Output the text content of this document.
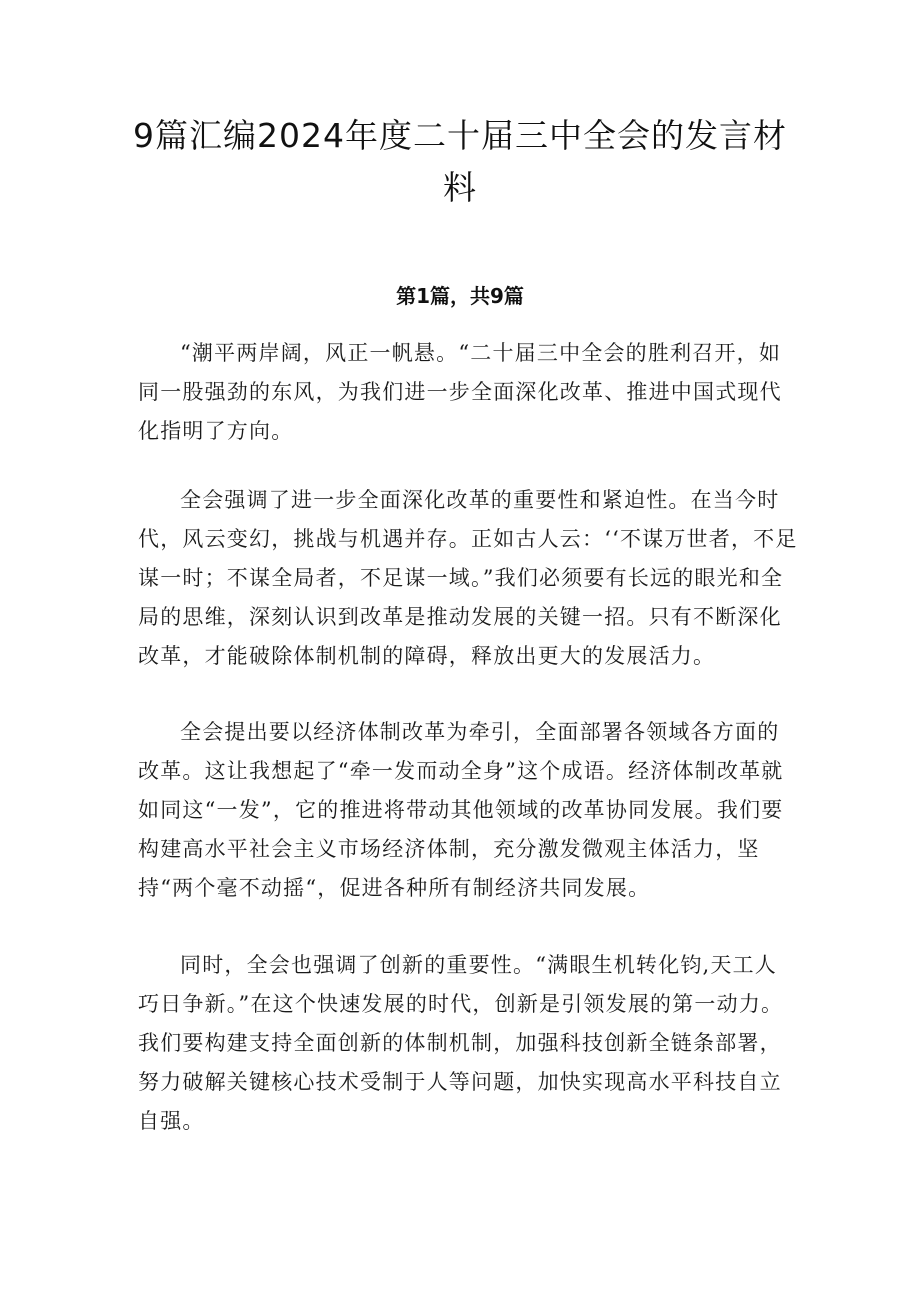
9篇汇编2024年度二十届三中全会的发言材料
第1篇，共9篇

“潮平两岸阔，风正一帆悬。“二十届三中全会的胜利召开，如同一股强劲的东风，为我们进一步全面深化改革、推进中国式现代化指明了方向。

全会强调了进一步全面深化改革的重要性和紧迫性。在当今时代，风云变幻，挑战与机遇并存。正如古人云：‘‘不谋万世者，不足谋一时；不谋全局者，不足谋一域。”我们必须要有长远的眼光和全局的思维，深刻认识到改革是推动发展的关键一招。只有不断深化改革，才能破除体制机制的障碍，释放出更大的发展活力。

全会提出要以经济体制改革为牵引，全面部署各领域各方面的改革。这让我想起了“牵一发而动全身”这个成语。经济体制改革就如同这“一发”，它的推进将带动其他领域的改革协同发展。我们要构建高水平社会主义市场经济体制，充分激发微观主体活力，坚持“两个毫不动摇“，促进各种所有制经济共同发展。

同时，全会也强调了创新的重要性。“满眼生机转化钧,天工人巧日争新。”在这个快速发展的时代，创新是引领发展的第一动力。我们要构建支持全面创新的体制机制，加强科技创新全链条部署，努力破解关键核心技术受制于人等问题，加快实现高水平科技自立自强。
